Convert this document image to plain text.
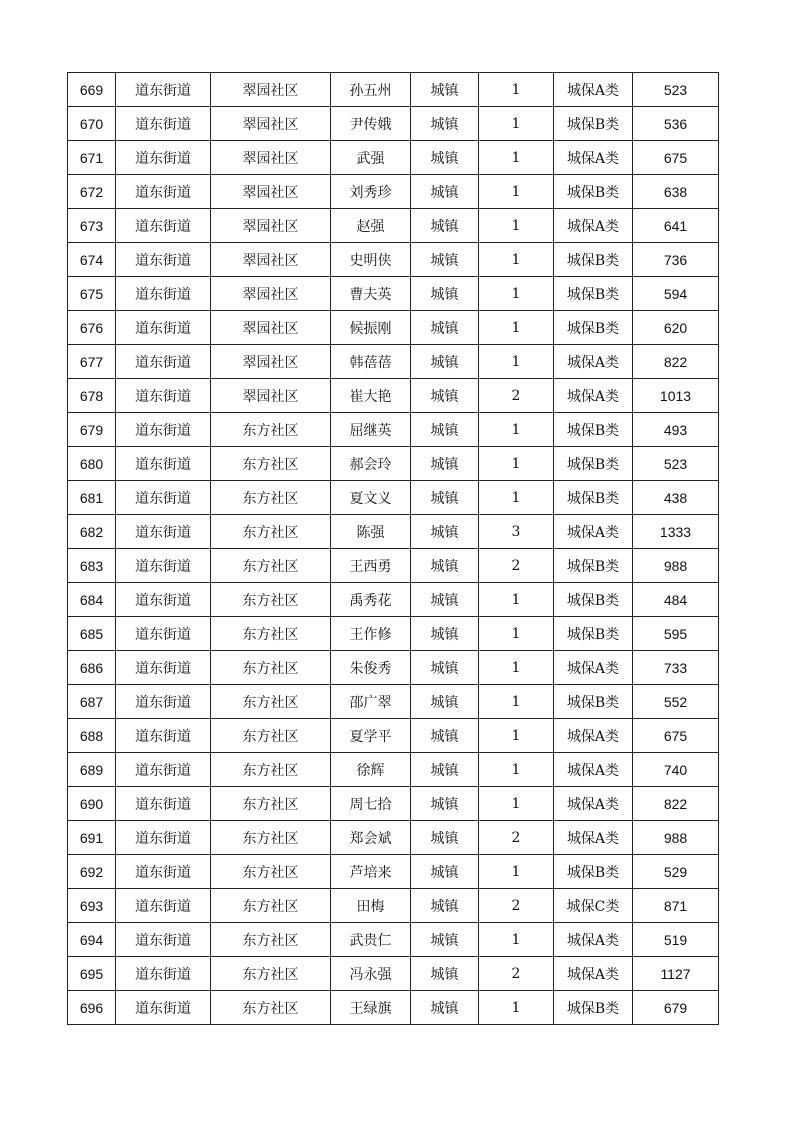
669	道东街道	翠园社区	孙五州	城镇	1	城保A类	523
670	道东街道	翠园社区	尹传娥	城镇	1	城保B类	536
671	道东街道	翠园社区	武强	城镇	1	城保A类	675
672	道东街道	翠园社区	刘秀珍	城镇	1	城保B类	638
673	道东街道	翠园社区	赵强	城镇	1	城保A类	641
674	道东街道	翠园社区	史明侠	城镇	1	城保B类	736
675	道东街道	翠园社区	曹夫英	城镇	1	城保B类	594
676	道东街道	翠园社区	候振刚	城镇	1	城保B类	620
677	道东街道	翠园社区	韩蓓蓓	城镇	1	城保A类	822
678	道东街道	翠园社区	崔大艳	城镇	2	城保A类	1013
679	道东街道	东方社区	屈继英	城镇	1	城保B类	493
680	道东街道	东方社区	郝会玲	城镇	1	城保B类	523
681	道东街道	东方社区	夏文义	城镇	1	城保B类	438
682	道东街道	东方社区	陈强	城镇	3	城保A类	1333
683	道东街道	东方社区	王西勇	城镇	2	城保B类	988
684	道东街道	东方社区	禹秀花	城镇	1	城保B类	484
685	道东街道	东方社区	王作修	城镇	1	城保B类	595
686	道东街道	东方社区	朱俊秀	城镇	1	城保A类	733
687	道东街道	东方社区	邵广翠	城镇	1	城保B类	552
688	道东街道	东方社区	夏学平	城镇	1	城保A类	675
689	道东街道	东方社区	徐辉	城镇	1	城保A类	740
690	道东街道	东方社区	周七拾	城镇	1	城保A类	822
691	道东街道	东方社区	郑会斌	城镇	2	城保A类	988
692	道东街道	东方社区	芦培来	城镇	1	城保B类	529
693	道东街道	东方社区	田梅	城镇	2	城保C类	871
694	道东街道	东方社区	武贵仁	城镇	1	城保A类	519
695	道东街道	东方社区	冯永强	城镇	2	城保A类	1127
696	道东街道	东方社区	王绿旗	城镇	1	城保B类	679
